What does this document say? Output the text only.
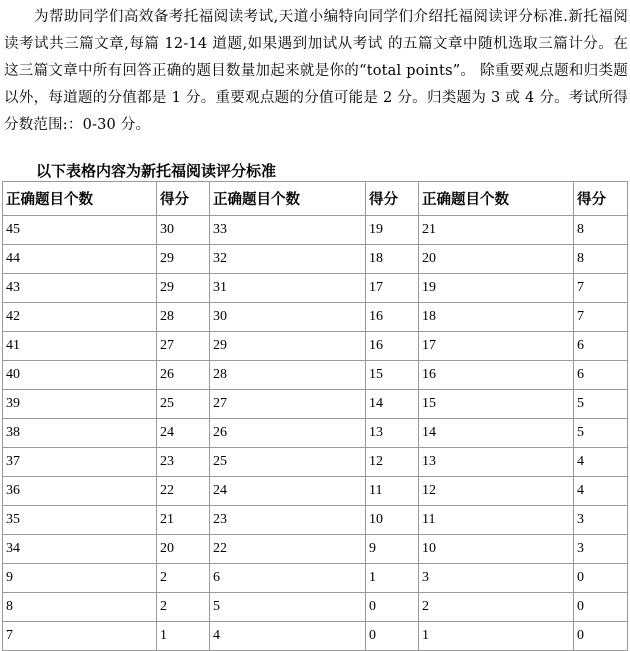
为帮助同学们高效备考托福阅读考试,天道小编特向同学们介绍托福阅读评分标准.新托福阅读考试共三篇文章,每篇 12-14 道题,如果遇到加试从考试 的五篇文章中随机选取三篇计分。在这三篇文章中所有回答正确的题目数量加起来就是你的“total points”。 除重要观点题和归类题以外，每道题的分值都是 1 分。重要观点题的分值可能是 2 分。归类题为 3 或 4 分。考试所得分数范围:：0-30 分。

以下表格内容为新托福阅读评分标准
正确题目个数	得分	正确题目个数	得分	正确题目个数	得分
45	30	33	19	21	8
44	29	32	18	20	8
43	29	31	17	19	7
42	28	30	16	18	7
41	27	29	16	17	6
40	26	28	15	16	6
39	25	27	14	15	5
38	24	26	13	14	5
37	23	25	12	13	4
36	22	24	11	12	4
35	21	23	10	11	3
34	20	22	9	10	3
9	2	6	1	3	0
8	2	5	0	2	0
7	1	4	0	1	0
